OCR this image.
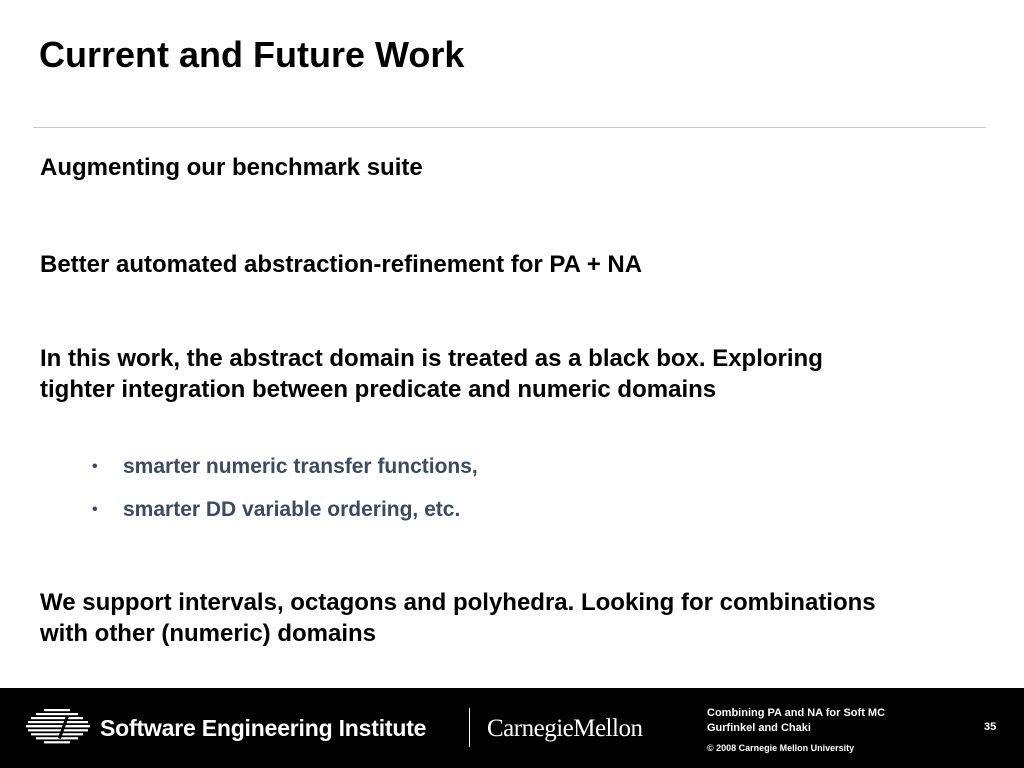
Current and Future Work

Augmenting our benchmark suite

Better automated abstraction-refinement for PA + NA

In this work, the abstract domain is treated as a black box. Exploring tighter integration between predicate and numeric domains

• smarter numeric transfer functions,
• smarter DD variable ordering, etc.

We support intervals, octagons and polyhedra. Looking for combinations with other (numeric) domains

Software Engineering Institute CarnegieMellon
Combining PA and NA for Soft MC
Gurfinkel and Chaki
© 2008 Carnegie Mellon University
35
